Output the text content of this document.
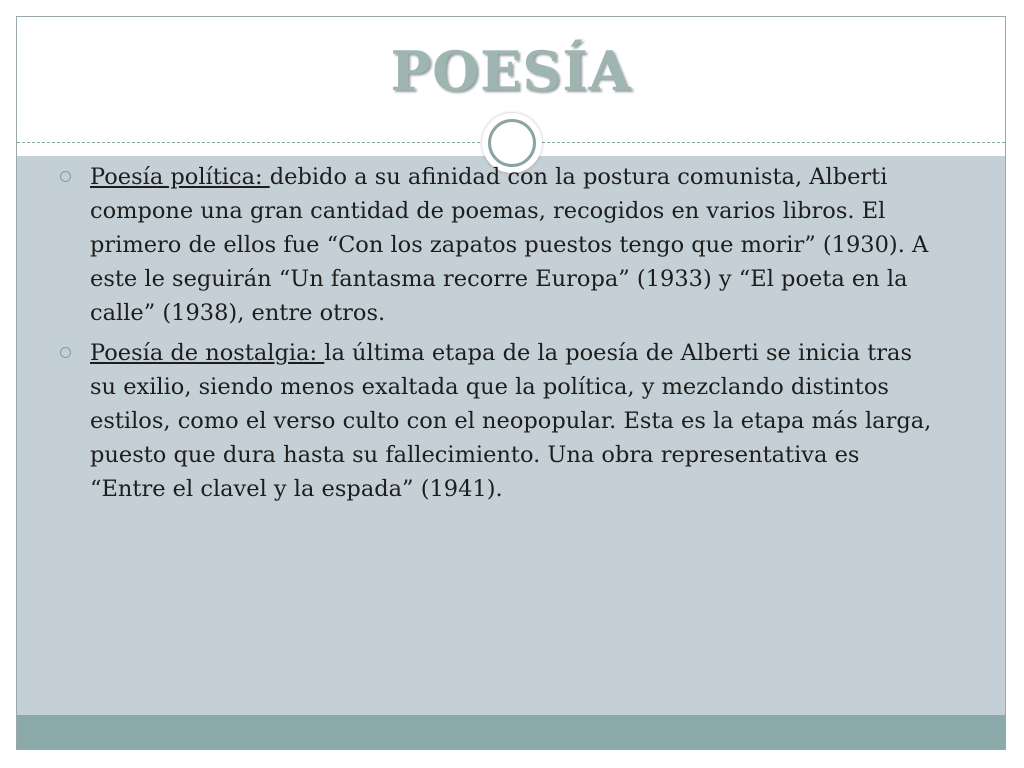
POESÍA
Poesía política: debido a su afinidad con la postura comunista, Alberti compone una gran cantidad de poemas, recogidos en varios libros. El primero de ellos fue “Con los zapatos puestos tengo que morir” (1930). A este le seguirán “Un fantasma recorre Europa” (1933) y “El poeta en la calle” (1938), entre otros.
Poesía de nostalgia: la última etapa de la poesía de Alberti se inicia tras su exilio, siendo menos exaltada que la política, y mezclando distintos estilos, como el verso culto con el neopopular. Esta es la etapa más larga, puesto que dura hasta su fallecimiento. Una obra representativa es “Entre el clavel y la espada” (1941).
